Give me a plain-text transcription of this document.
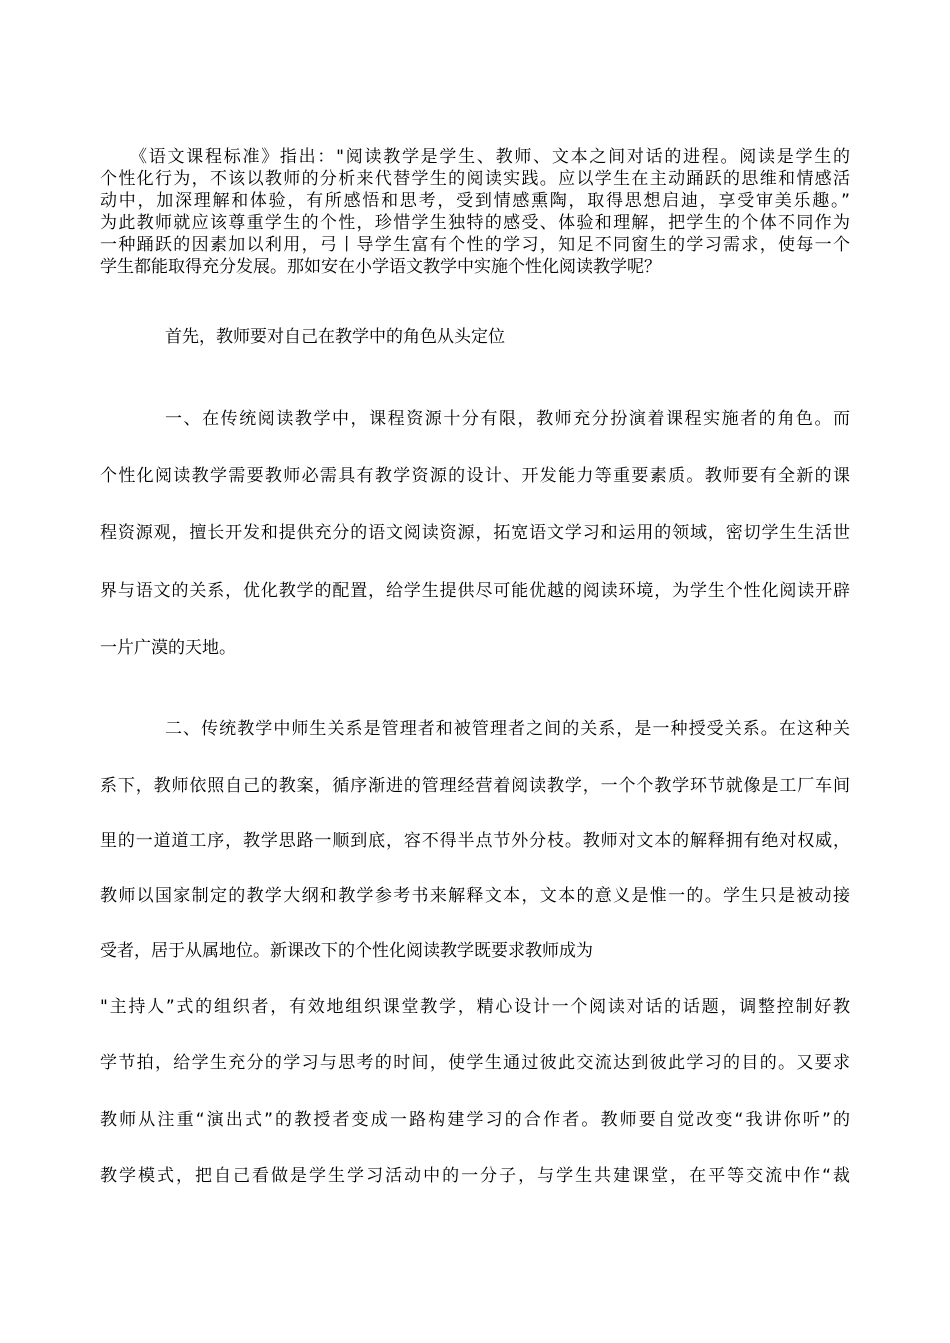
《语文课程标准》指出："阅读教学是学生、教师、文本之间对话的进程。阅读是学生的
个性化行为，不该以教师的分析来代替学生的阅读实践。应以学生在主动踊跃的思维和情感活
动中，加深理解和体验，有所感悟和思考，受到情感熏陶，取得思想启迪，享受审美乐趣。”
为此教师就应该尊重学生的个性，珍惜学生独特的感受、体验和理解，把学生的个体不同作为
一种踊跃的因素加以利用，弓丨导学生富有个性的学习，知足不同窗生的学习需求，使每一个
学生都能取得充分发展。那如安在小学语文教学中实施个性化阅读教学呢？
首先，教师要对自己在教学中的角色从头定位
一、在传统阅读教学中，课程资源十分有限，教师充分扮演着课程实施者的角色。而
个性化阅读教学需要教师必需具有教学资源的设计、开发能力等重要素质。教师要有全新的课
程资源观，擅长开发和提供充分的语文阅读资源，拓宽语文学习和运用的领域，密切学生生活世
界与语文的关系，优化教学的配置，给学生提供尽可能优越的阅读环境，为学生个性化阅读开辟
一片广漠的天地。
二、传统教学中师生关系是管理者和被管理者之间的关系，是一种授受关系。在这种关
系下，教师依照自己的教案，循序渐进的管理经营着阅读教学，一个个教学环节就像是工厂车间
里的一道道工序，教学思路一顺到底，容不得半点节外分枝。教师对文本的解释拥有绝对权威，
教师以国家制定的教学大纲和教学参考书来解释文本，文本的意义是惟一的。学生只是被动接
受者，居于从属地位。新课改下的个性化阅读教学既要求教师成为
"主持人”式的组织者，有效地组织课堂教学，精心设计一个阅读对话的话题，调整控制好教
学节拍，给学生充分的学习与思考的时间，使学生通过彼此交流达到彼此学习的目的。又要求
教师从注重“演出式”的教授者变成一路构建学习的合作者。教师要自觉改变“我讲你听”的
教学模式，把自己看做是学生学习活动中的一分子，与学生共建课堂，在平等交流中作“裁
